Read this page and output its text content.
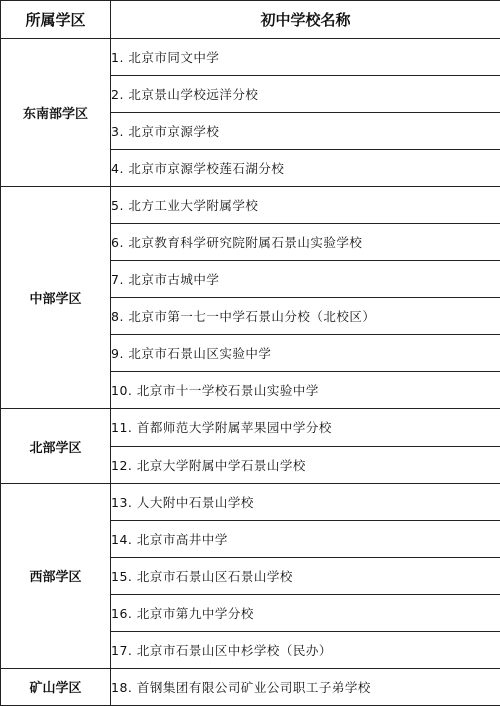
所属学区	初中学校名称
东南部学区	1. 北京市同文中学
	2. 北京景山学校远洋分校
	3. 北京市京源学校
	4. 北京市京源学校莲石湖分校
中部学区	5. 北方工业大学附属学校
	6. 北京教育科学研究院附属石景山实验学校
	7. 北京市古城中学
	8. 北京市第一七一中学石景山分校（北校区）
	9. 北京市石景山区实验中学
	10. 北京市十一学校石景山实验中学
北部学区	11. 首都师范大学附属苹果园中学分校
	12. 北京大学附属中学石景山学校
西部学区	13. 人大附中石景山学校
	14. 北京市高井中学
	15. 北京市石景山区石景山学校
	16. 北京市第九中学分校
	17. 北京市石景山区中杉学校（民办）
矿山学区	18. 首钢集团有限公司矿业公司职工子弟学校
